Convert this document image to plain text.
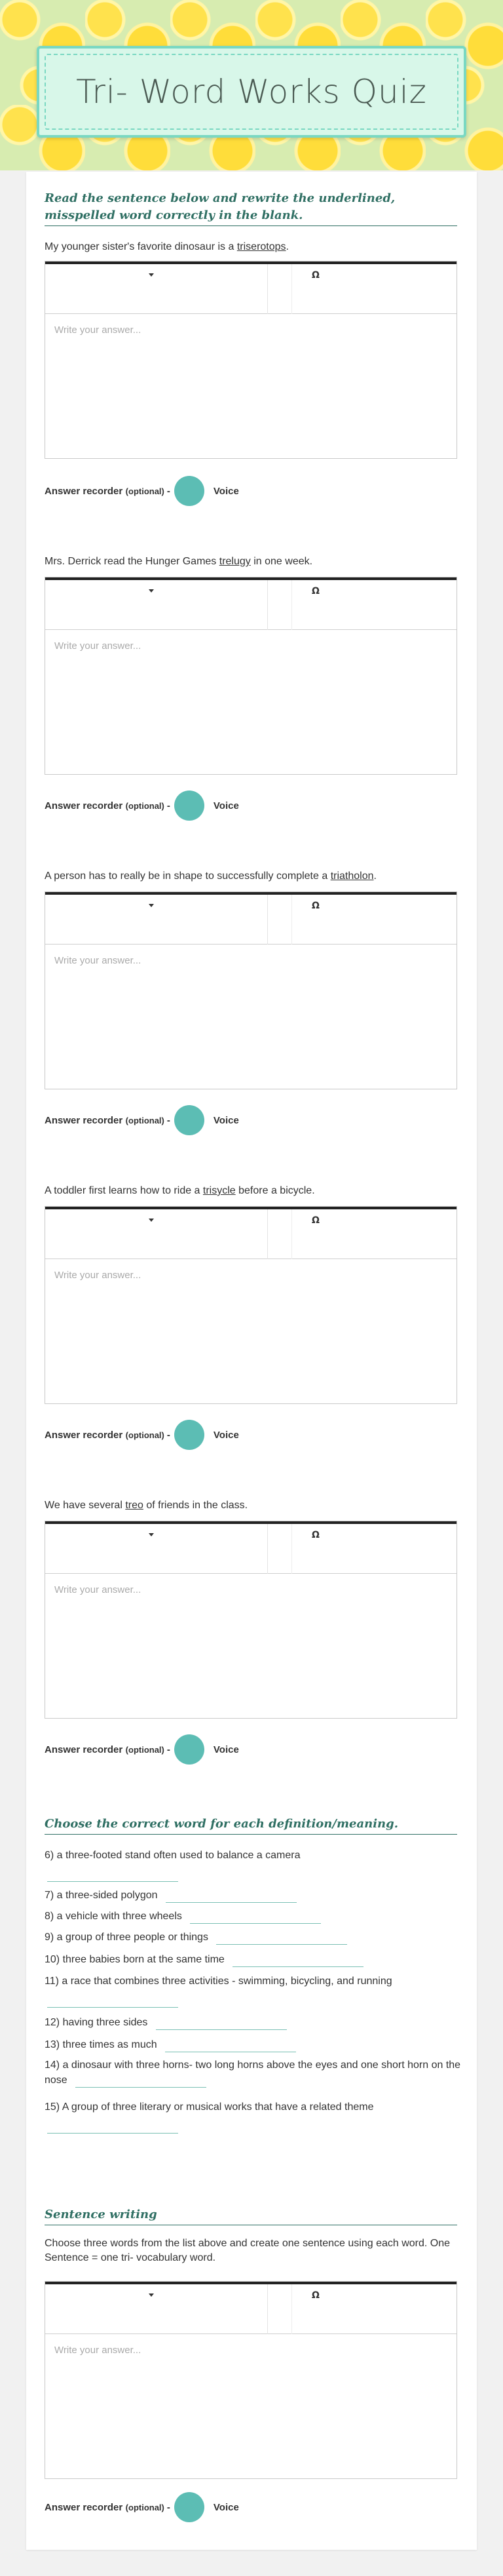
Tri- Word Works Quiz
Read the sentence below and rewrite the underlined, misspelled word correctly in the blank.

My younger sister's favorite dinosaur is a triserotops.

Ω
Write your answer...
Answer recorder
(optional) -	Voice

Mrs. Derrick read the Hunger Games trelugy in one week.

Ω
Write your answer...
Answer recorder
(optional) -	Voice

A person has to really be in shape to successfully complete a triatholon.

Ω
Write your answer...
Answer recorder
(optional) -	Voice

A toddler first learns how to ride a trisycle before a bicycle.

Ω
Write your answer...
Answer recorder
(optional) -	Voice

We have several treo of friends in the class.

Ω
Write your answer...
Answer recorder
(optional) -	Voice
Choose the correct word for each definition/meaning.

6) a three-footed stand often used to balance a camera

7) a three-sided polygon

8) a vehicle with three wheels

9) a group of three people or things

10) three babies born at the same time

11) a race that combines three activities - swimming, bicycling, and running

12) having three sides

13) three times as much

14) a dinosaur with three horns- two long horns above the eyes and one short horn on the nose

15) A group of three literary or musical works that have a related theme

Sentence writing

Choose three words from the list above and create one sentence using each word. One Sentence = one tri- vocabulary word.

Ω
Write your answer...
Answer recorder
(optional) -	Voice
